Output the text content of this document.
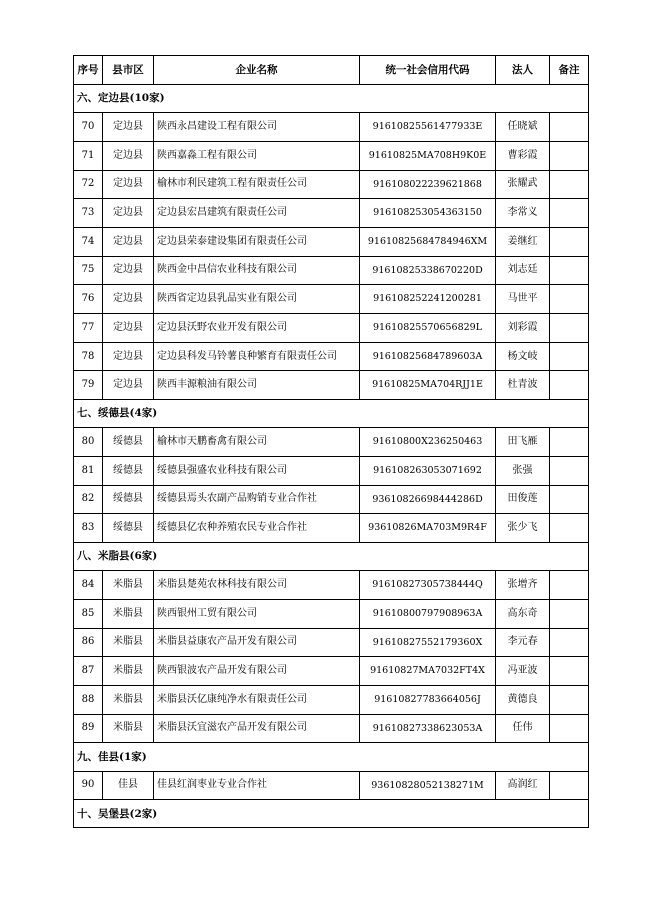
序号	县市区	企业名称	统一社会信用代码	法人	备注
六、定边县(10家)					
70	定边县	陕西永昌建设工程有限公司	91610825561477933E	任晓斌	
71	定边县	陕西嘉淼工程有限公司	91610825MA708H9K0E	曹彩霞	
72	定边县	榆林市利民建筑工程有限责任公司	916108022239621868	张耀武	
73	定边县	定边县宏昌建筑有限责任公司	916108253054363150	李常义	
74	定边县	定边县荣泰建设集团有限责任公司	91610825684784946XM	姜继红	
75	定边县	陕西金中昌信农业科技有限公司	91610825338670220D	刘志廷	
76	定边县	陕西省定边县乳品实业有限公司	916108252241200281	马世平	
77	定边县	定边县沃野农业开发有限公司	91610825570656829L	刘彩霞	
78	定边县	定边县科发马铃薯良种繁育有限责任公司	91610825684789603A	杨文岐	
79	定边县	陕西丰源粮油有限公司	91610825MA704RJJ1E	杜青波	
七、绥德县(4家)					
80	绥德县	榆林市天鹏畜禽有限公司	91610800X236250463	田飞雁	
81	绥德县	绥德县强盛农业科技有限公司	916108263053071692	张强	
82	绥德县	绥德县焉头农副产品购销专业合作社	93610826698444286D	田俊莲	
83	绥德县	绥德县亿农种养殖农民专业合作社	93610826MA703M9R4F	张少飞	
八、米脂县(6家)					
84	米脂县	米脂县楚苑农林科技有限公司	91610827305738444Q	张增齐	
85	米脂县	陕西银州工贸有限公司	91610800797908963A	高东奇	
86	米脂县	米脂县益康农产品开发有限公司	91610827552179360X	李元春	
87	米脂县	陕西银波农产品开发有限公司	91610827MA7032FT4X	冯亚波	
88	米脂县	米脂县沃亿康纯净水有限责任公司	91610827783664056J	黄德良	
89	米脂县	米脂县沃宜滋农产品开发有限公司	91610827338623053A	任伟	
九、佳县(1家)					
90	佳县	佳县红润枣业专业合作社	93610828052138271M	高润红	
十、吴堡县(2家)					
